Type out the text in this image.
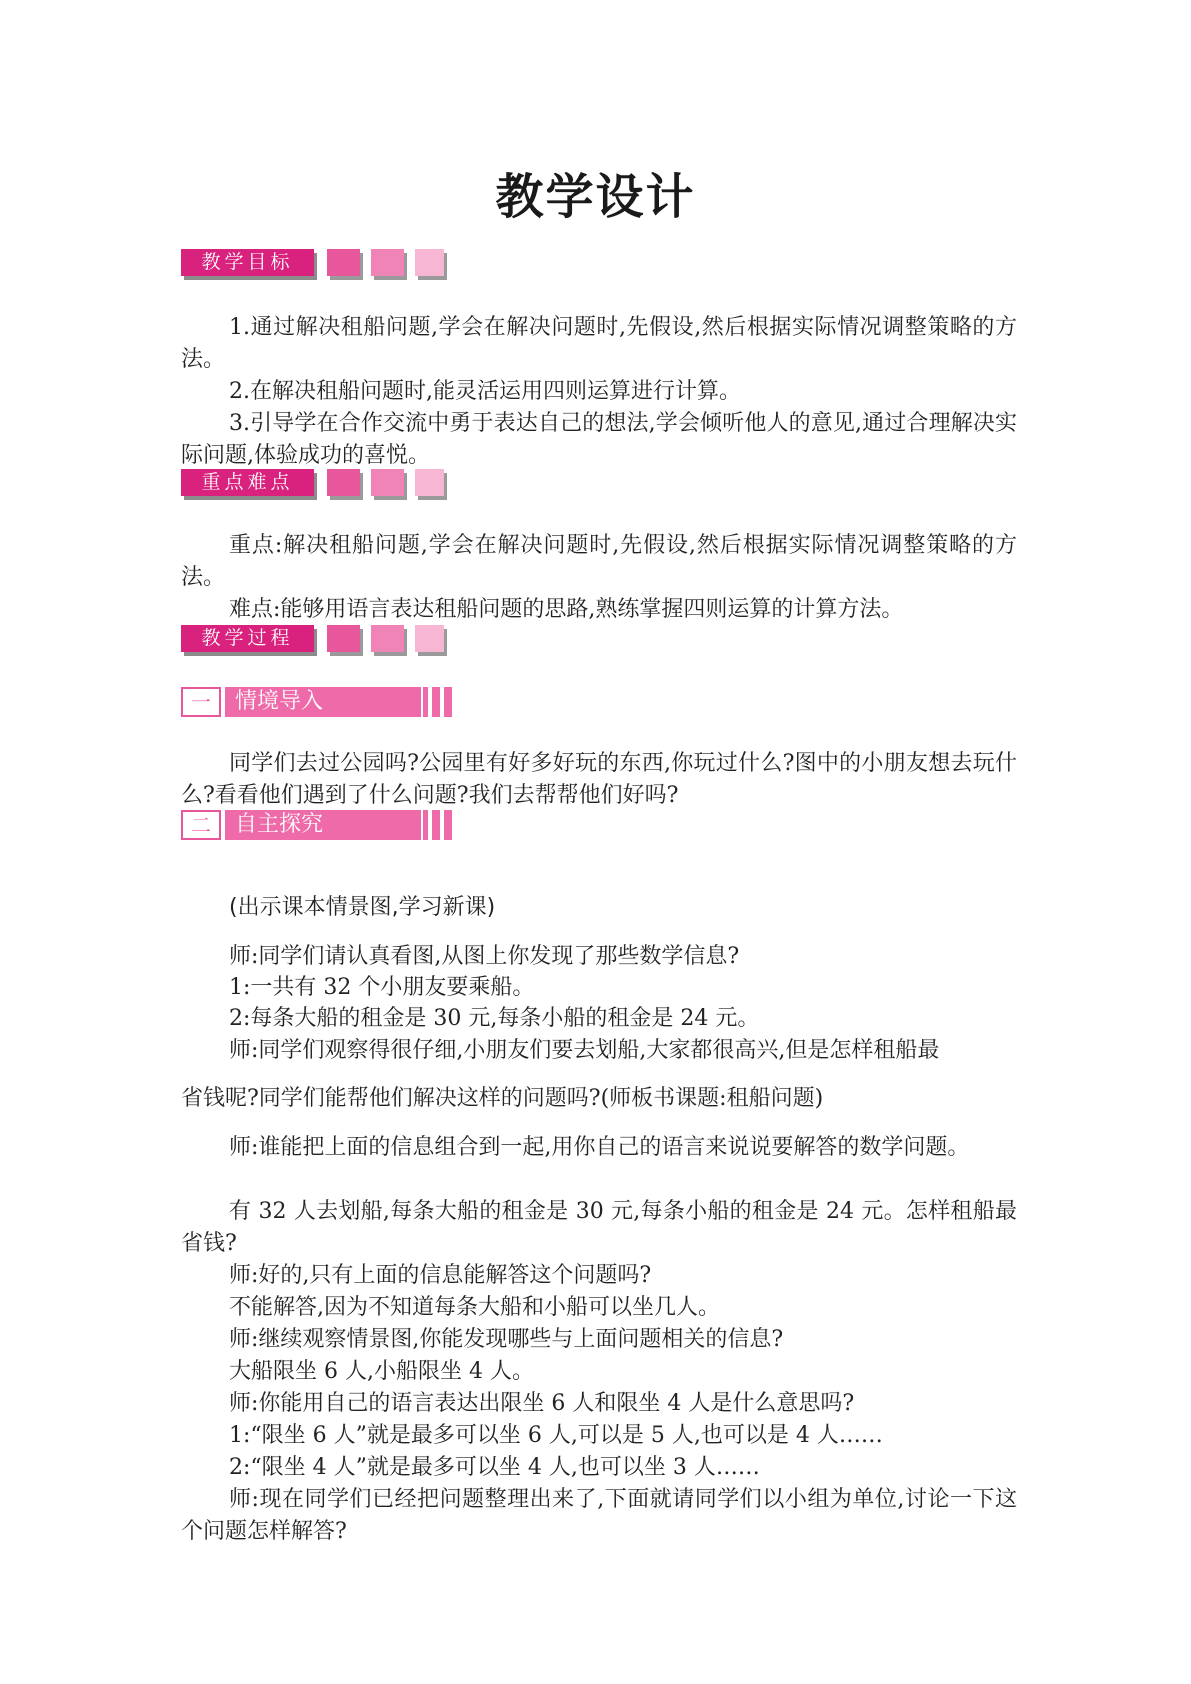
教学设计
教学目标

1.通过解决租船问题,学会在解决问题时,先假设,然后根据实际情况调整策略的方法。

2.在解决租船问题时,能灵活运用四则运算进行计算。

3.引导学在合作交流中勇于表达自己的想法,学会倾听他人的意见,通过合理解决实际问题,体验成功的喜悦。

重点难点

重点:解决租船问题,学会在解决问题时,先假设,然后根据实际情况调整策略的方法。

难点:能够用语言表达租船问题的思路,熟练掌握四则运算的计算方法。

教学过程
一	情境导入

同学们去过公园吗?公园里有好多好玩的东西,你玩过什么?图中的小朋友想去玩什么?看看他们遇到了什么问题?我们去帮帮他们好吗?

二	自主探究

(出示课本情景图,学习新课)

师:同学们请认真看图,从图上你发现了那些数学信息?

1:一共有 32 个小朋友要乘船。

2:每条大船的租金是 30 元,每条小船的租金是 24 元。

师:同学们观察得很仔细,小朋友们要去划船,大家都很高兴,但是怎样租船最

省钱呢?同学们能帮他们解决这样的问题吗?(师板书课题:租船问题)

师:谁能把上面的信息组合到一起,用你自己的语言来说说要解答的数学问题。

有 32 人去划船,每条大船的租金是 30 元,每条小船的租金是 24 元。怎样租船最省钱?

师:好的,只有上面的信息能解答这个问题吗?

不能解答,因为不知道每条大船和小船可以坐几人。

师:继续观察情景图,你能发现哪些与上面问题相关的信息?

大船限坐 6 人,小船限坐 4 人。

师:你能用自己的语言表达出限坐 6 人和限坐 4 人是什么意思吗?

1:“限坐 6 人”就是最多可以坐 6 人,可以是 5 人,也可以是 4 人……

2:“限坐 4 人”就是最多可以坐 4 人,也可以坐 3 人……

师:现在同学们已经把问题整理出来了,下面就请同学们以小组为单位,讨论一下这个问题怎样解答?
